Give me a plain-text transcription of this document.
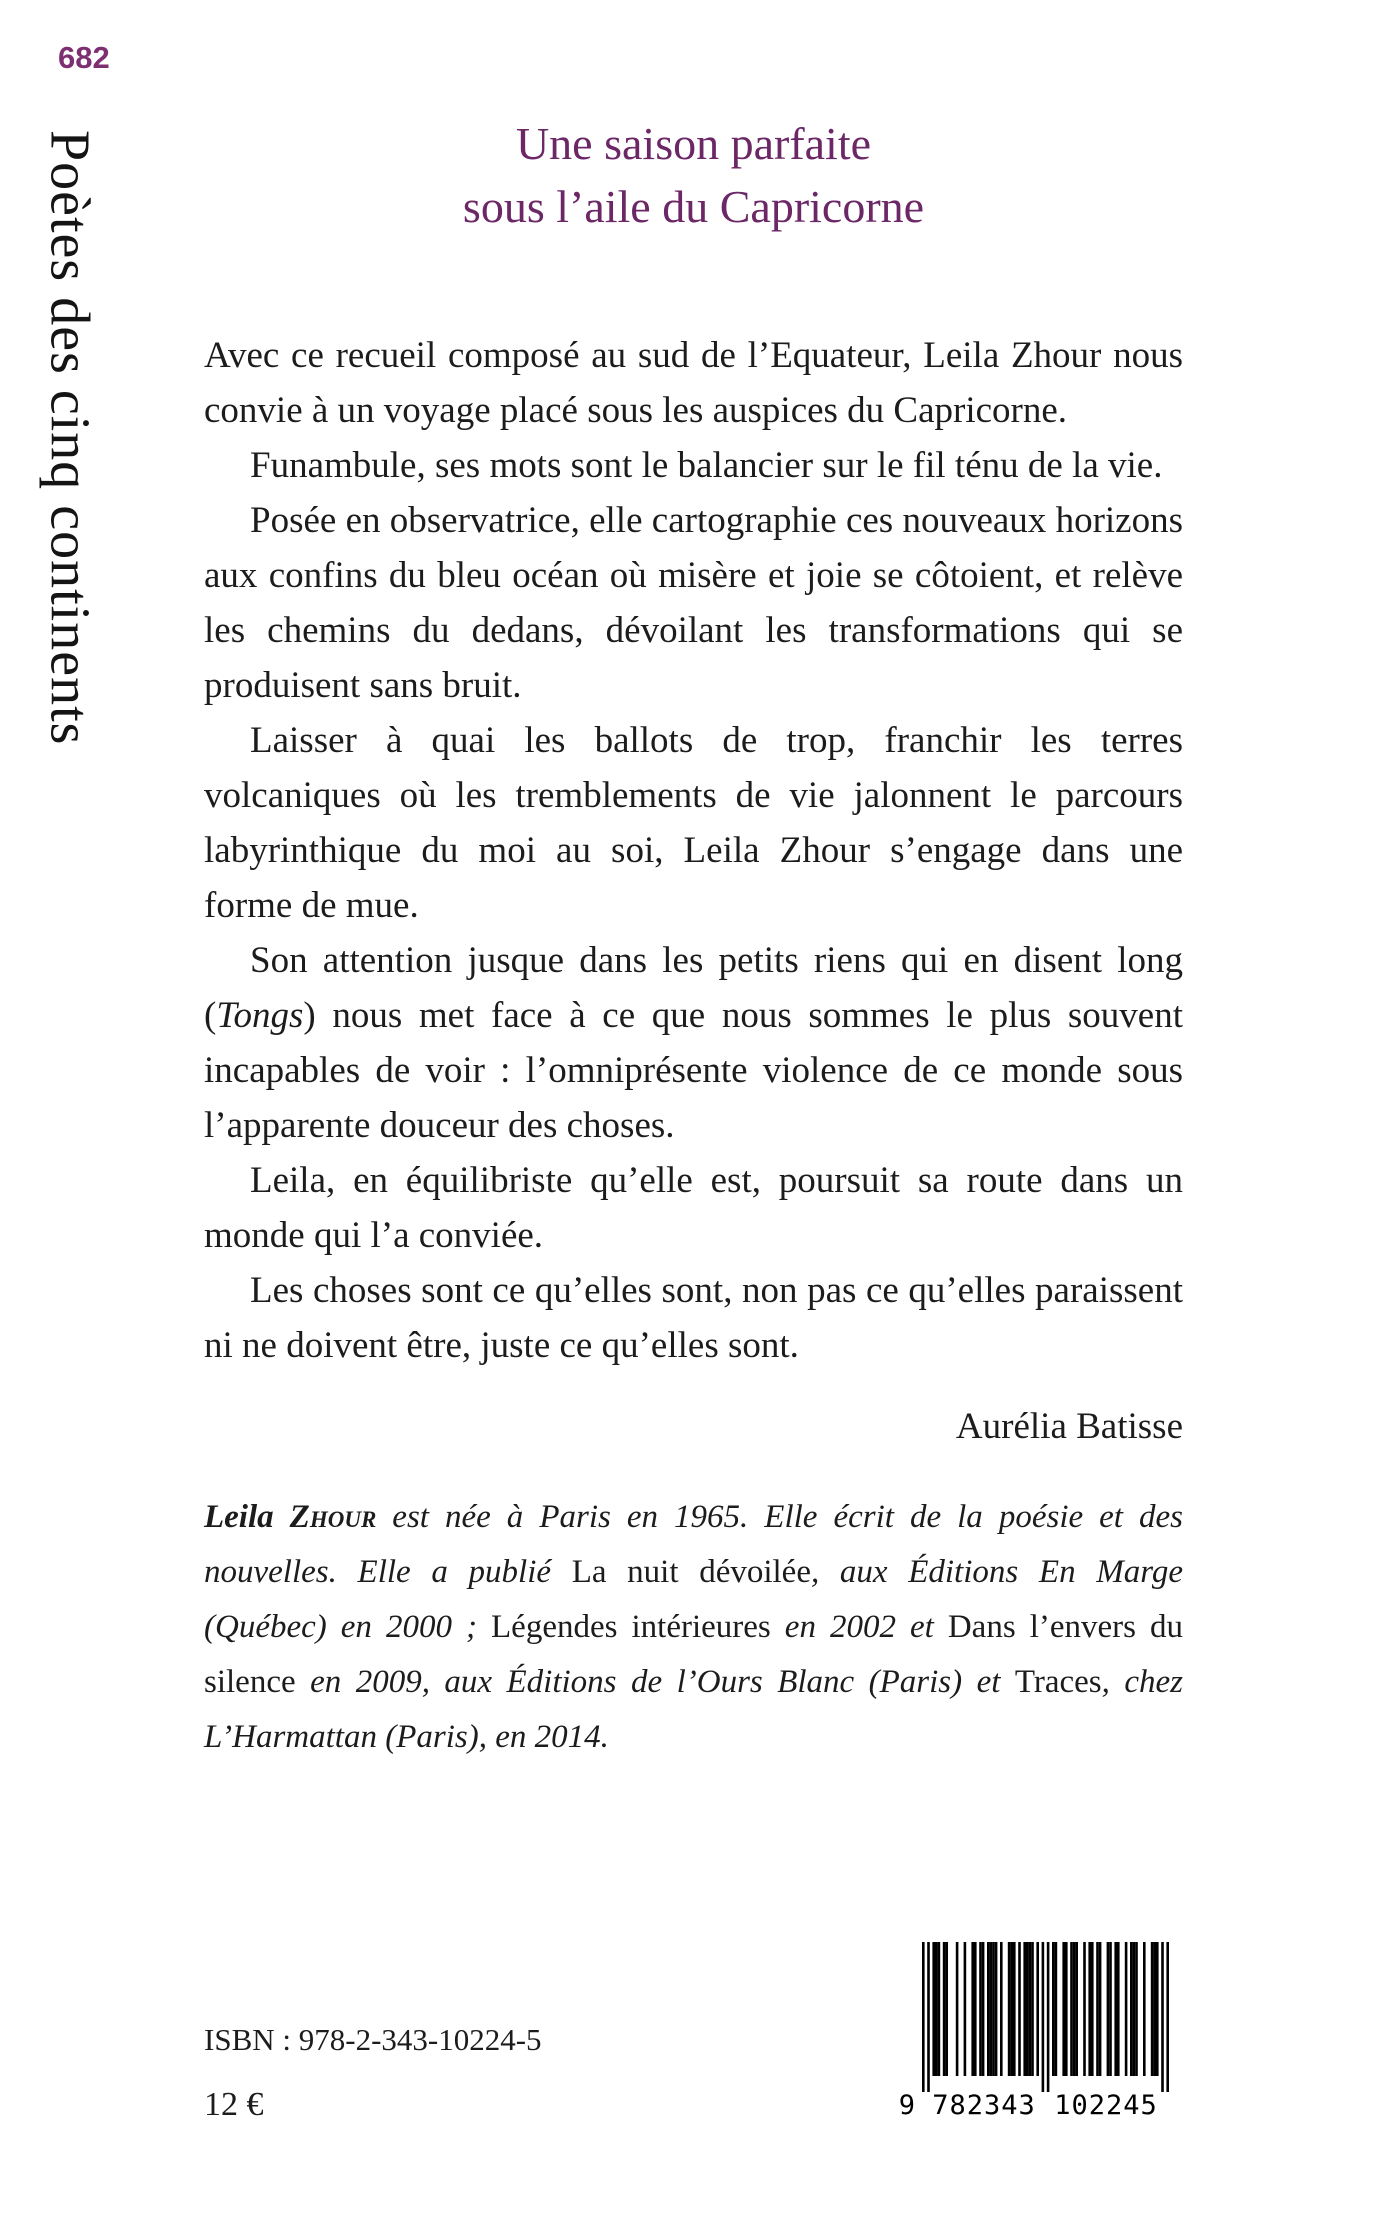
682
Poètes des cinq continents	Une saison parfaite
sous l’aile du Capricorne

Avec ce recueil composé au sud de l’Equateur, Leila Zhour nous convie à un voyage placé sous les auspices du Capricorne.

Funambule, ses mots sont le balancier sur le fil ténu de la vie.

Posée en observatrice, elle cartographie ces nouveaux horizons aux confins du bleu océan où misère et joie se côtoient, et relève les chemins du dedans, dévoilant les transformations qui se produisent sans bruit.

Laisser à quai les ballots de trop, franchir les terres volcaniques où les tremblements de vie jalonnent le parcours labyrinthique du moi au soi, Leila Zhour s’engage dans une forme de mue.

Son attention jusque dans les petits riens qui en disent long (Tongs) nous met face à ce que nous sommes le plus souvent incapables de voir : l’omniprésente violence de ce monde sous l’apparente douceur des choses.

Leila, en équilibriste qu’elle est, poursuit sa route dans un monde qui l’a conviée.

Les choses sont ce qu’elles sont, non pas ce qu’elles paraissent ni ne doivent être, juste ce qu’elles sont.

Aurélia Batisse

Leila Zhour est née à Paris en 1965. Elle écrit de la poésie et des nouvelles. Elle a publié La nuit dévoilée, aux Éditions En Marge (Québec) en 2000 ; Légendes intérieures en 2002 et Dans l’envers du silence en 2009, aux Éditions de l’Ours Blanc (Paris) et Traces, chez L’Harmattan (Paris), en 2014.

ISBN : 978-2-343-10224-5
12 €	9 782343 102245
